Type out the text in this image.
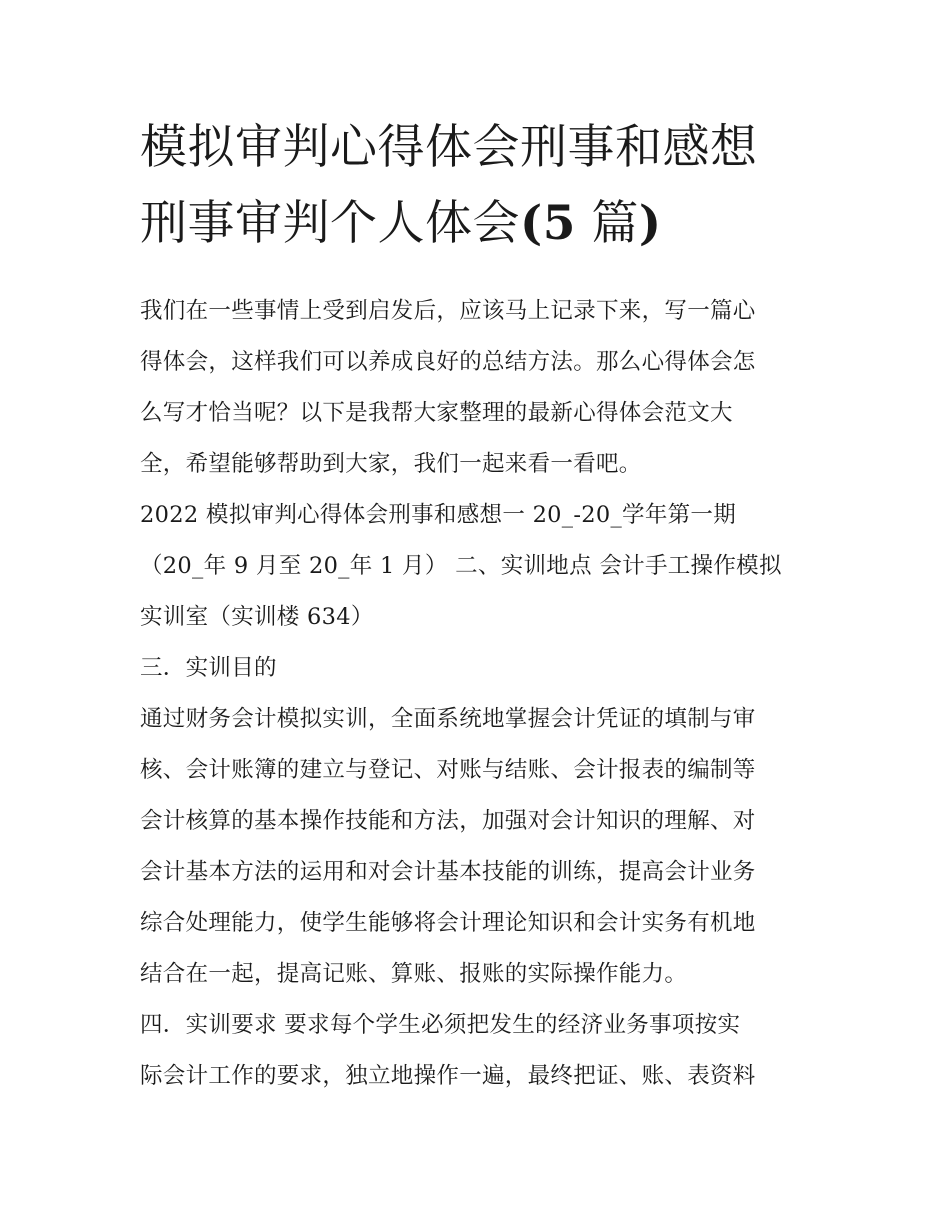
模拟审判心得体会刑事和感想
刑事审判个人体会(5 篇)

我们在一些事情上受到启发后，应该马上记录下来，写一篇心
得体会，这样我们可以养成良好的总结方法。那么心得体会怎
么写才恰当呢？以下是我帮大家整理的最新心得体会范文大
全，希望能够帮助到大家，我们一起来看一看吧。

2022 模拟审判心得体会刑事和感想一 20_-20_学年第一期
（20_年 9 月至 20_年 1 月） 二、实训地点 会计手工操作模拟
实训室（实训楼 634）

三．实训目的

通过财务会计模拟实训，全面系统地掌握会计凭证的填制与审
核、会计账簿的建立与登记、对账与结账、会计报表的编制等
会计核算的基本操作技能和方法，加强对会计知识的理解、对
会计基本方法的运用和对会计基本技能的训练，提高会计业务
综合处理能力，使学生能够将会计理论知识和会计实务有机地
结合在一起，提高记账、算账、报账的实际操作能力。

四．实训要求 要求每个学生必须把发生的经济业务事项按实
际会计工作的要求，独立地操作一遍，最终把证、账、表资料
